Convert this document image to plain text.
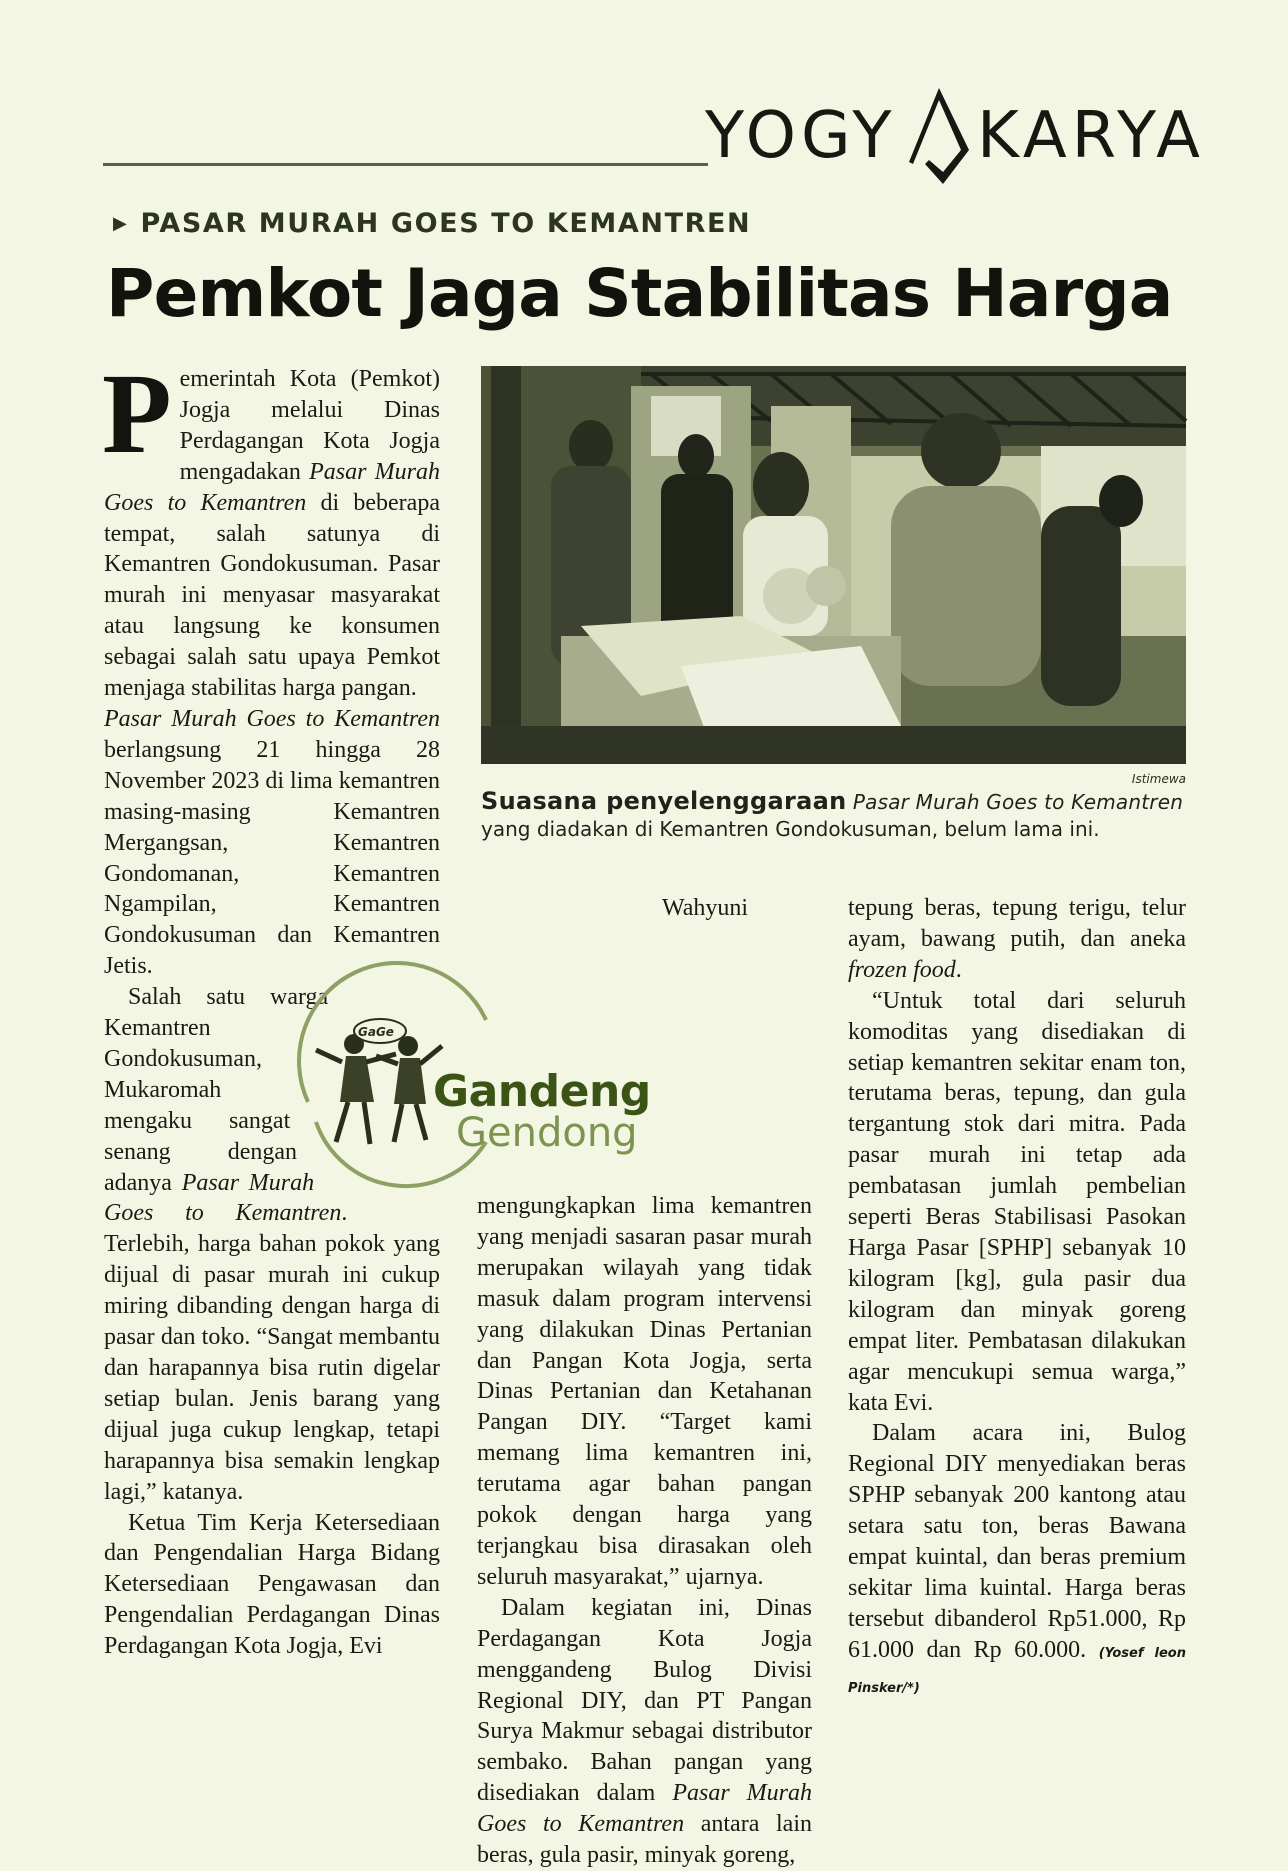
YOGY KARYA
▶ PASAR MURAH GOES TO KEMANTREN
Pemkot Jaga Stabilitas Harga
Istimewa
Suasana penyelenggaraan Pasar Murah Goes to Kemantren yang diadakan di Kemantren Gondokusuman, belum lama ini.

Pemerintah Kota (Pemkot) Jogja melalui Dinas Perdagangan Kota Jogja mengadakan Pasar Murah Goes to Kemantren di beberapa tempat, salah satunya di Kemantren Gondokusuman. Pasar murah ini menyasar masyarakat atau langsung ke konsumen sebagai salah satu upaya Pemkot menjaga stabilitas harga pangan.

Pasar Murah Goes to Kemantren berlangsung 21 hingga 28 November 2023 di lima kemantren masing-masing Kemantren Mergangsan, Kemantren Gondomanan, Kemantren Ngampilan, Kemantren Gondokusuman dan Kemantren Jetis.

Salah satu warga Kemantren Gondokusuman, Mukaromah mengaku sangat senang dengan adanya Pasar Murah Goes to Kemantren. Terlebih, harga bahan pokok yang dijual di pasar murah ini cukup miring dibanding dengan harga di pasar dan toko. “Sangat membantu dan harapannya bisa rutin digelar setiap bulan. Jenis barang yang dijual juga cukup lengkap, tetapi harapannya bisa semakin lengkap lagi,” katanya.

Ketua Tim Kerja Ketersediaan dan Pengendalian Harga Bidang Ketersediaan Pengawasan dan Pengendalian Perdagangan Dinas Perdagangan Kota Jogja, Evi

Wahyuni mengungkapkan lima kemantren yang menjadi sasaran pasar murah merupakan wilayah yang tidak masuk dalam program intervensi yang dilakukan Dinas Pertanian dan Pangan Kota Jogja, serta Dinas Pertanian dan Ketahanan Pangan DIY. “Target kami memang lima kemantren ini, terutama agar bahan pangan pokok dengan harga yang terjangkau bisa dirasakan oleh seluruh masyarakat,” ujarnya.

Dalam kegiatan ini, Dinas Perdagangan Kota Jogja menggandeng Bulog Divisi Regional DIY, dan PT Pangan Surya Makmur sebagai distributor sembako. Bahan pangan yang disediakan dalam Pasar Murah Goes to Kemantren antara lain beras, gula pasir, minyak goreng,

tepung beras, tepung terigu, telur ayam, bawang putih, dan aneka frozen food.

“Untuk total dari seluruh komoditas yang disediakan di setiap kemantren sekitar enam ton, terutama beras, tepung, dan gula tergantung stok dari mitra. Pada pasar murah ini tetap ada pembatasan jumlah pembelian seperti Beras Stabilisasi Pasokan Harga Pasar [SPHP] sebanyak 10 kilogram [kg], gula pasir dua kilogram dan minyak goreng empat liter. Pembatasan dilakukan agar mencukupi semua warga,” kata Evi.

Dalam acara ini, Bulog Regional DIY menyediakan beras SPHP sebanyak 200 kantong atau setara satu ton, beras Bawana empat kuintal, dan beras premium sekitar lima kuintal. Harga beras tersebut dibanderol Rp51.000, Rp 61.000 dan Rp 60.000. (Yosef leon Pinsker/*)

GaGe
Gandeng
Gendong
